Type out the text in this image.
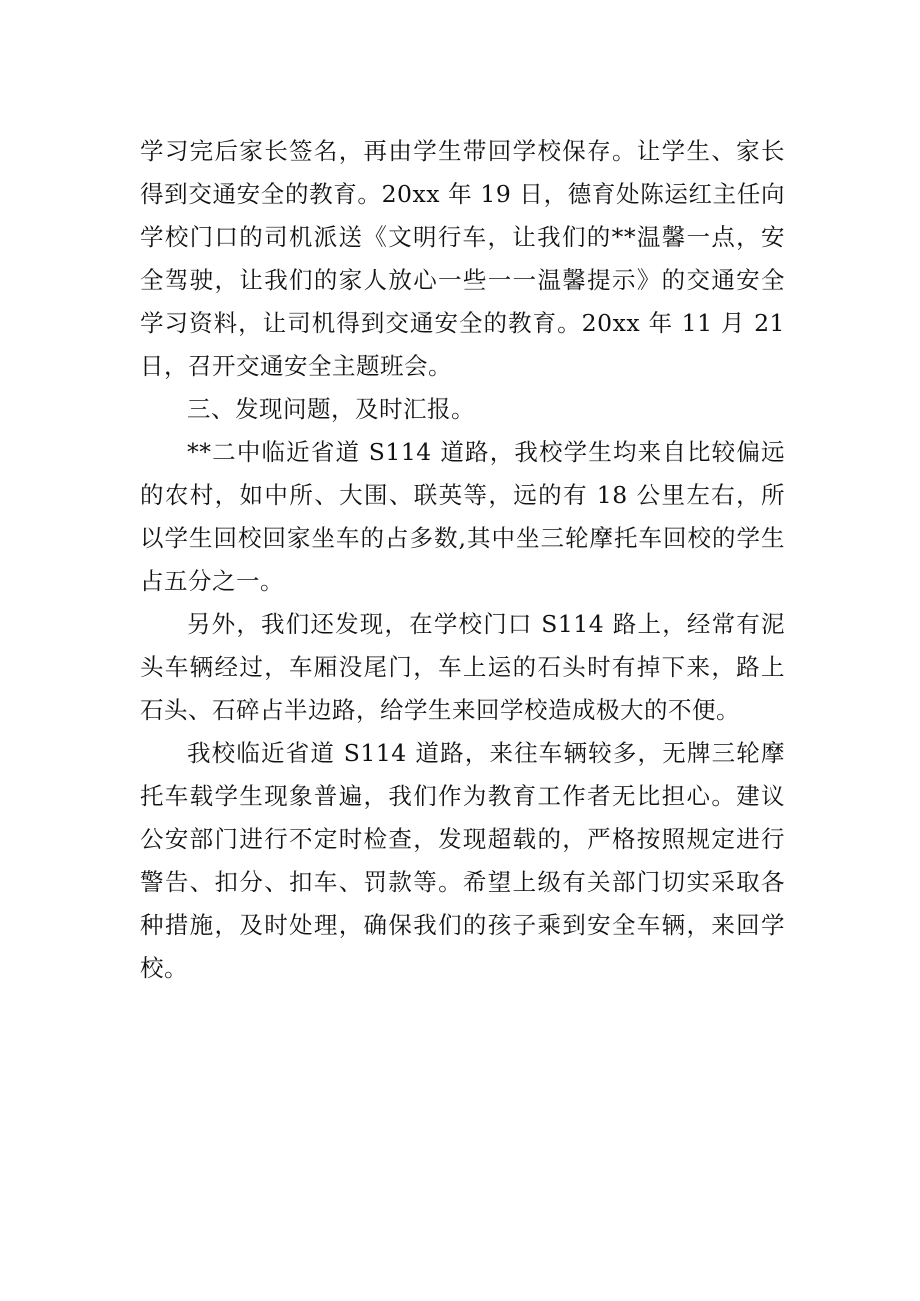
学习完后家长签名，再由学生带回学校保存。让学生、家长得到交通安全的教育。20xx 年 19 日，德育处陈运红主任向学校门口的司机派送《文明行车，让我们的**温馨一点，安全驾驶，让我们的家人放心一些一一温馨提示》的交通安全学习资料，让司机得到交通安全的教育。20xx 年 11 月 21 日，召开交通安全主题班会。

三、发现问题，及时汇报。

**二中临近省道 S114 道路，我校学生均来自比较偏远的农村，如中所、大围、联英等，远的有 18 公里左右，所以学生回校回家坐车的占多数,其中坐三轮摩托车回校的学生占五分之一。

另外，我们还发现，在学校门口 S114 路上，经常有泥头车辆经过，车厢没尾门，车上运的石头时有掉下来，路上石头、石碎占半边路，给学生来回学校造成极大的不便。

我校临近省道 S114 道路，来往车辆较多，无牌三轮摩托车载学生现象普遍，我们作为教育工作者无比担心。建议公安部门进行不定时检查，发现超载的，严格按照规定进行警告、扣分、扣车、罚款等。希望上级有关部门切实采取各种措施，及时处理，确保我们的孩子乘到安全车辆，来回学校。
